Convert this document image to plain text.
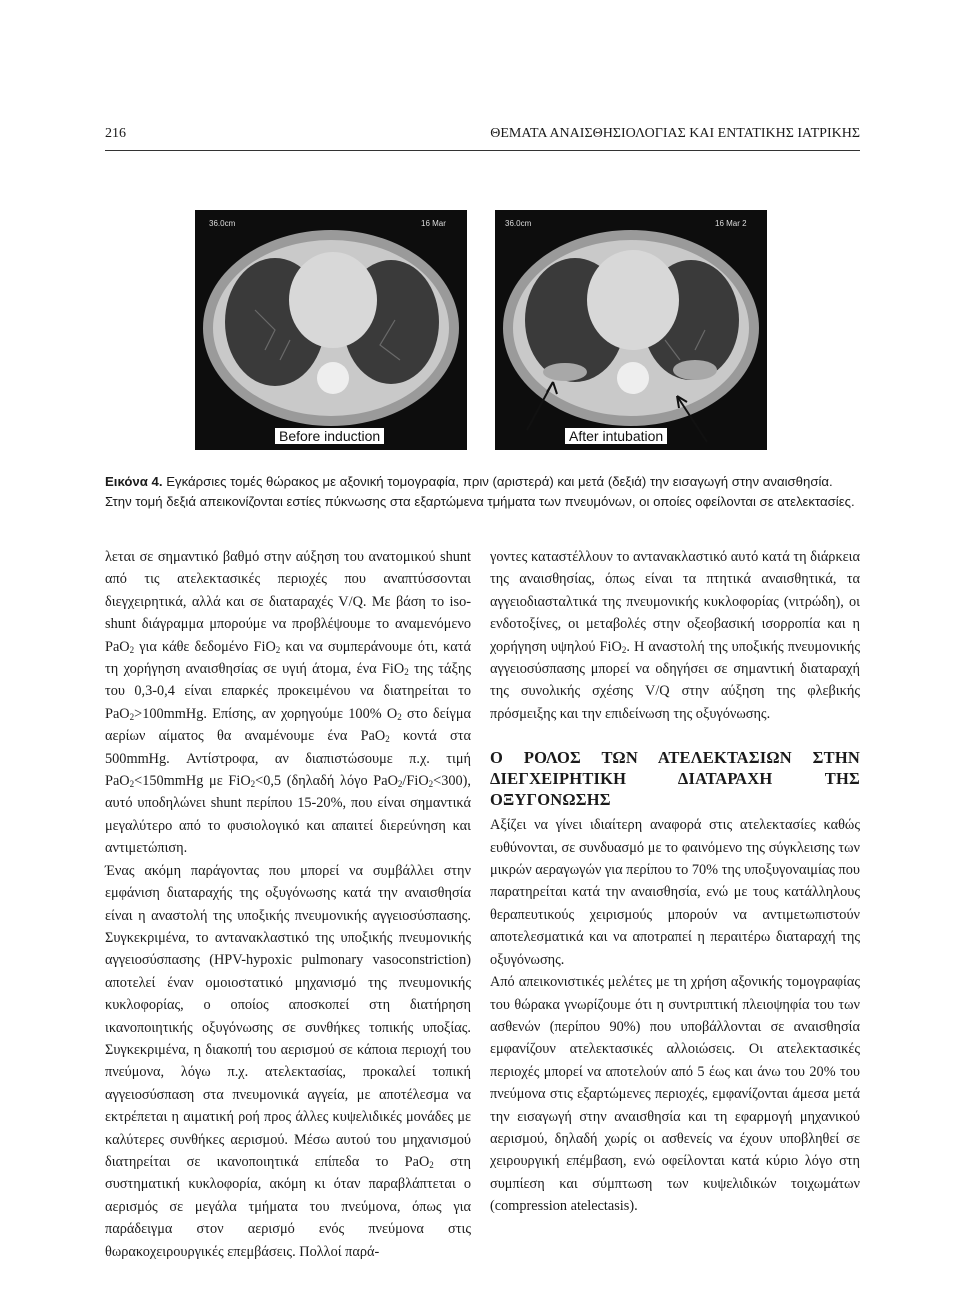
216	ΘΕΜΑΤΑ ΑΝΑΙΣΘΗΣΙΟΛΟΓΙΑΣ ΚΑΙ ΕΝΤΑΤΙΚΗΣ ΙΑΤΡΙΚΗΣ
36.0cm	16 Mar
Before induction
36.0cm	16 Mar 2
After intubation
Εικόνα 4. Εγκάρσιες τομές θώρακος με αξονική τομογραφία, πριν (αριστερά) και μετά (δεξιά) την εισαγωγή στην αναισθησία.
Στην τομή δεξιά απεικονίζονται εστίες πύκνωσης στα εξαρτώμενα τμήματα των πνευμόνων, οι οποίες οφείλονται σε ατελεκτασίες.

λεται σε σημαντικό βαθμό στην αύξηση του ανατομικού shunt από τις ατελεκτασικές περιοχές που αναπτύσσονται διεγχειρητικά, αλλά και σε διαταραχές V/Q. Με βάση το iso-shunt διάγραμμα μπορούμε να προβλέψουμε το αναμενόμενο PaO$_2$ για κάθε δεδομένο FiO$_2$ και να συμπεράνουμε ότι, κατά τη χορήγηση αναισθησίας σε υγιή άτομα, ένα FiO$_2$ της τάξης του 0,3-0,4 είναι επαρκές προκειμένου να διατηρείται το PaO$_2$>100mmHg. Επίσης, αν χορηγούμε 100% $O_2$ στο δείγμα αερίων αίματος θα αναμένουμε ένα PaO$_2$ κοντά στα 500mmHg. Αντίστροφα, αν διαπιστώσουμε π.χ. τιμή PaO$_2$<150mmHg με FiO$_2$<0,5 (δηλαδή λόγο PaO$_2$/FiO$_2$<300), αυτό υποδηλώνει shunt περίπου 15-20%, που είναι σημαντικά μεγαλύτερο από το φυσιολογικό και απαιτεί διερεύνηση και αντιμετώπιση.

Ένας ακόμη παράγοντας που μπορεί να συμβάλλει στην εμφάνιση διαταραχής της οξυγόνωσης κατά την αναισθησία είναι η αναστολή της υποξικής πνευμονικής αγγειοσύσπασης. Συγκεκριμένα, το αντανακλαστικό της υποξικής πνευμονικής αγγειοσύσπασης (HPV-hypoxic pulmonary vasoconstriction) αποτελεί έναν ομοιοστατικό μηχανισμό της πνευμονικής κυκλοφορίας, ο οποίος αποσκοπεί στη διατήρηση ικανοποιητικής οξυγόνωσης σε συνθήκες τοπικής υποξίας. Συγκεκριμένα, η διακοπή του αερισμού σε κάποια περιοχή του πνεύμονα, λόγω π.χ. ατελεκτασίας, προκαλεί τοπική αγγειοσύσπαση στα πνευμονικά αγγεία, με αποτέλεσμα να εκτρέπεται η αιματική ροή προς άλλες κυψελιδικές μονάδες με καλύτερες συνθήκες αερισμού. Μέσω αυτού του μηχανισμού διατηρείται σε ικανοποιητικά επίπεδα το PaO$_2$ στη συστηματική κυκλοφορία, ακόμη κι όταν παραβλάπτεται ο αερισμός σε μεγάλα τμήματα του πνεύμονα, όπως για παράδειγμα στον αερισμό ενός πνεύμονα στις θωρακοχειρουργικές επεμβάσεις. Πολλοί παρά-

γοντες καταστέλλουν το αντανακλαστικό αυτό κατά τη διάρκεια της αναισθησίας, όπως είναι τα πτητικά αναισθητικά, τα αγγειοδιασταλτικά της πνευμονικής κυκλοφορίας (νιτρώδη), οι ενδοτοξίνες, οι μεταβολές στην οξεοβασική ισορροπία και η χορήγηση υψηλού FiO$_2$. Η αναστολή της υποξικής πνευμονικής αγγειοσύσπασης μπορεί να οδηγήσει σε σημαντική διαταραχή της συνολικής σχέσης V/Q στην αύξηση της φλεβικής πρόσμειξης και την επιδείνωση της οξυγόνωσης.

Ο ΡΟΛΟΣ ΤΩΝ ΑΤΕΛΕΚΤΑΣΙΩΝ ΣΤΗΝ ΔΙΕΓΧΕΙΡΗΤΙΚΗ ΔΙΑΤΑΡΑΧΗ ΤΗΣ ΟΞΥΓΟΝΩΣΗΣ

Αξίζει να γίνει ιδιαίτερη αναφορά στις ατελεκτασίες καθώς ευθύνονται, σε συνδυασμό με το φαινόμενο της σύγκλεισης των μικρών αεραγωγών για περίπου το 70% της υποξυγοναιμίας που παρατηρείται κατά την αναισθησία, ενώ με τους κατάλληλους θεραπευτικούς χειρισμούς μπορούν να αντιμετωπιστούν αποτελεσματικά και να αποτραπεί η περαιτέρω διαταραχή της οξυγόνωσης.

Από απεικονιστικές μελέτες με τη χρήση αξονικής τομογραφίας του θώρακα γνωρίζουμε ότι η συντριπτική πλειοψηφία του των ασθενών (περίπου 90%) που υποβάλλονται σε αναισθησία εμφανίζουν ατελεκτασικές αλλοιώσεις. Οι ατελεκτασικές περιοχές μπορεί να αποτελούν από 5 έως και άνω του 20% του πνεύμονα στις εξαρτώμενες περιοχές, εμφανίζονται άμεσα μετά την εισαγωγή στην αναισθησία και τη εφαρμογή μηχανικού αερισμού, δηλαδή χωρίς οι ασθενείς να έχουν υποβληθεί σε χειρουργική επέμβαση, ενώ οφείλονται κατά κύριο λόγο στη συμπίεση και σύμπτωση των κυψελιδικών τοιχωμάτων (compression atelectasis).
